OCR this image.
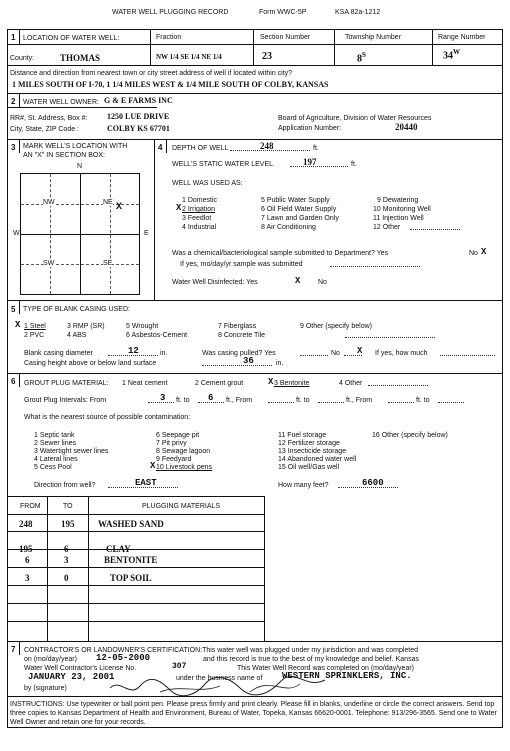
WATER WELL PLUGGING RECORD	Form WWC-5P	KSA 82a-1212
1 LOCATION OF WATER WELL:
County:	THOMAS
Fraction
NW 1/4 SE 1/4 NE 1/4
Section Number
23
Township Number
$8^S$
Range Number
$34^W$
Distance and direction from nearest town or city street address of well if located within city?
1 MILES SOUTH OF I-70, 1 1/4 MILES WEST & 1/4 MILE SOUTH OF COLBY, KANSAS
2 WATER WELL OWNER: G & E FARMS INC
RR#, St. Address, Box #: 1250 LUE DRIVE
City, State, ZIP Code :	COLBY KS 67701
Board of Agriculture, Division of Water Resources
Application Number:	20440
3 MARK WELL'S LOCATION WITH
AN "X" IN SECTION BOX:
N
W	E
NW	NE
SW	SE
X
4 DEPTH OF WELL	248	ft.
WELL'S STATIC WATER LEVEL	197	ft.
WELL WAS USED AS:
1 Domestic	5 Public Water Supply	9 Dewatering
2 Irrigation	6 Oil Field Water Supply	10 Monitoring Well
3 Feedlot	7 Lawn and Garden Only	11 Injection Well
4 Industrial	8 Air Conditioning	12 Other
X
Was a chemical/bacteriological sample submitted to Department? Yes	No X
If yes, mo/day/yr sample was submitted
Water Well Disinfected: Yes	X	No
5 TYPE OF BLANK CASING USED:
1 Steel	3 RMP (SR)	5 Wrought	7 Fiberglass	9 Other (specify below)
2 PVC	4 ABS	6 Asbestos-Cement	8 Concrete Tile
X
Blank casing diameter	12	in.	Was casing pulled? Yes	No X If yes, how much
Casing height above or below land surface	36	in.
6 GROUT PLUG MATERIAL: 1 Neat cement	2 Cement grout	3 Bentonite
X	4 Other
Grout Plug Intervals: From	3 ft. to 6 ft., From	ft. to	ft., From	ft. to
What is the nearest source of possible contamination:
1 Septic tank	6 Seepage pit	11 Fuel storage	16 Other (specify below)
2 Sewer lines	7 Pit privy	12 Fertilizer storage
3 Watertight sewer lines	8 Sewage lagoon	13 Insecticide storage
4 Lateral lines	9 Feedyard	14 Abandoned water well
5 Cess Pool	10 Livestock pens	15 Oil well/Gas well
X
Direction from well?	EAST	How many feet?	6600
FROM	TO	PLUGGING MATERIALS
248	195	WASHED SAND
195	6	CLAY
6	3	BENTONITE
3	0	TOP SOIL
7 CONTRACTOR'S OR LANDOWNER'S CERTIFICATION:This water well was plugged under my jurisdiction and was completed
on (mo/day/year) 12-05-2000	and this record is true to the best of my knowledge and belief. Kansas
Water Well Contractor's License No.	307	This Water Well Record was completed on (mo/day/year)
JANUARY 23, 2001	under the business name of WESTERN SPRINKLERS, INC.
by (signature)
INSTRUCTIONS: Use typewriter or ball point pen. Please press firmly and print clearly. Please fill in blanks, underline or circle the correct answers. Send top three copies to Kansas Department of Health and Environment, Bureau of Water, Topeka, Kansas 66620-0001. Telephone: 913/296-3565. Send one to Water Well Owner and retain one for your records.
